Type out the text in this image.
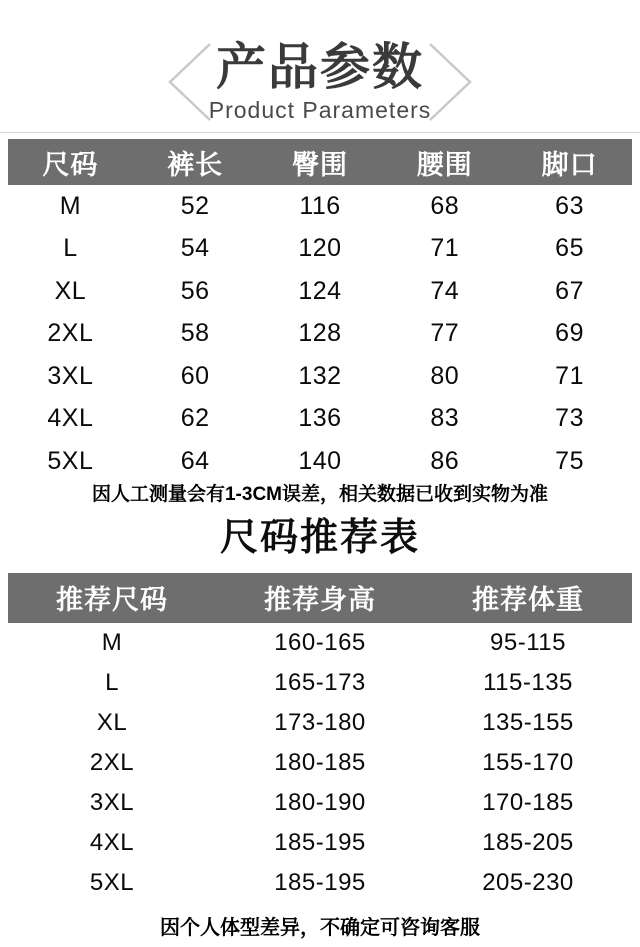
产品参数
Product Parameters
尺码	裤长	臀围	腰围	脚口
M	52	116	68	63
L	54	120	71	65
XL	56	124	74	67
2XL	58	128	77	69
3XL	60	132	80	71
4XL	62	136	83	73
5XL	64	140	86	75
因人工测量会有1-3CM误差，相关数据已收到实物为准
尺码推荐表
推荐尺码	推荐身高	推荐体重
M	160-165	95-115
L	165-173	115-135
XL	173-180	135-155
2XL	180-185	155-170
3XL	180-190	170-185
4XL	185-195	185-205
5XL	185-195	205-230
因个人体型差异，不确定可咨询客服
